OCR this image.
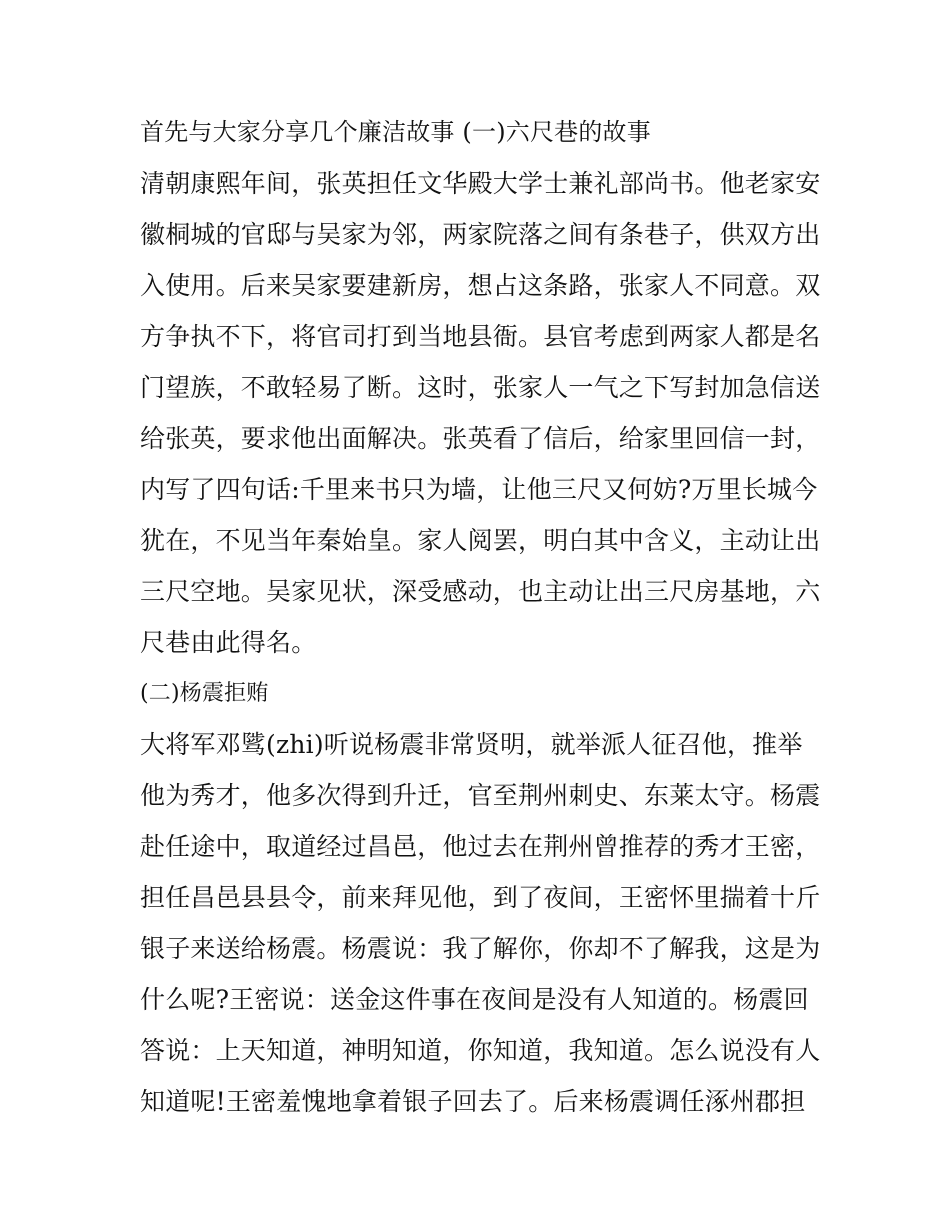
首先与大家分享几个廉洁故事 (一)六尺巷的故事
清朝康熙年间，张英担任文华殿大学士兼礼部尚书。他老家安
徽桐城的官邸与吴家为邻，两家院落之间有条巷子，供双方出
入使用。后来吴家要建新房，想占这条路，张家人不同意。双
方争执不下，将官司打到当地县衙。县官考虑到两家人都是名
门望族，不敢轻易了断。这时，张家人一气之下写封加急信送
给张英，要求他出面解决。张英看了信后，给家里回信一封，
内写了四句话:千里来书只为墙，让他三尺又何妨?万里长城今
犹在，不见当年秦始皇。家人阅罢，明白其中含义，主动让出
三尺空地。吴家见状，深受感动，也主动让出三尺房基地，六
尺巷由此得名。
(二)杨震拒贿
大将军邓骘(zhi)听说杨震非常贤明，就举派人征召他，推举
他为秀才，他多次得到升迁，官至荆州刺史、东莱太守。杨震
赴任途中，取道经过昌邑，他过去在荆州曾推荐的秀才王密，
担任昌邑县县令，前来拜见他，到了夜间，王密怀里揣着十斤
银子来送给杨震。杨震说：我了解你，你却不了解我，这是为
什么呢?王密说：送金这件事在夜间是没有人知道的。杨震回
答说：上天知道，神明知道，你知道，我知道。怎么说没有人
知道呢!王密羞愧地拿着银子回去了。后来杨震调任涿州郡担
